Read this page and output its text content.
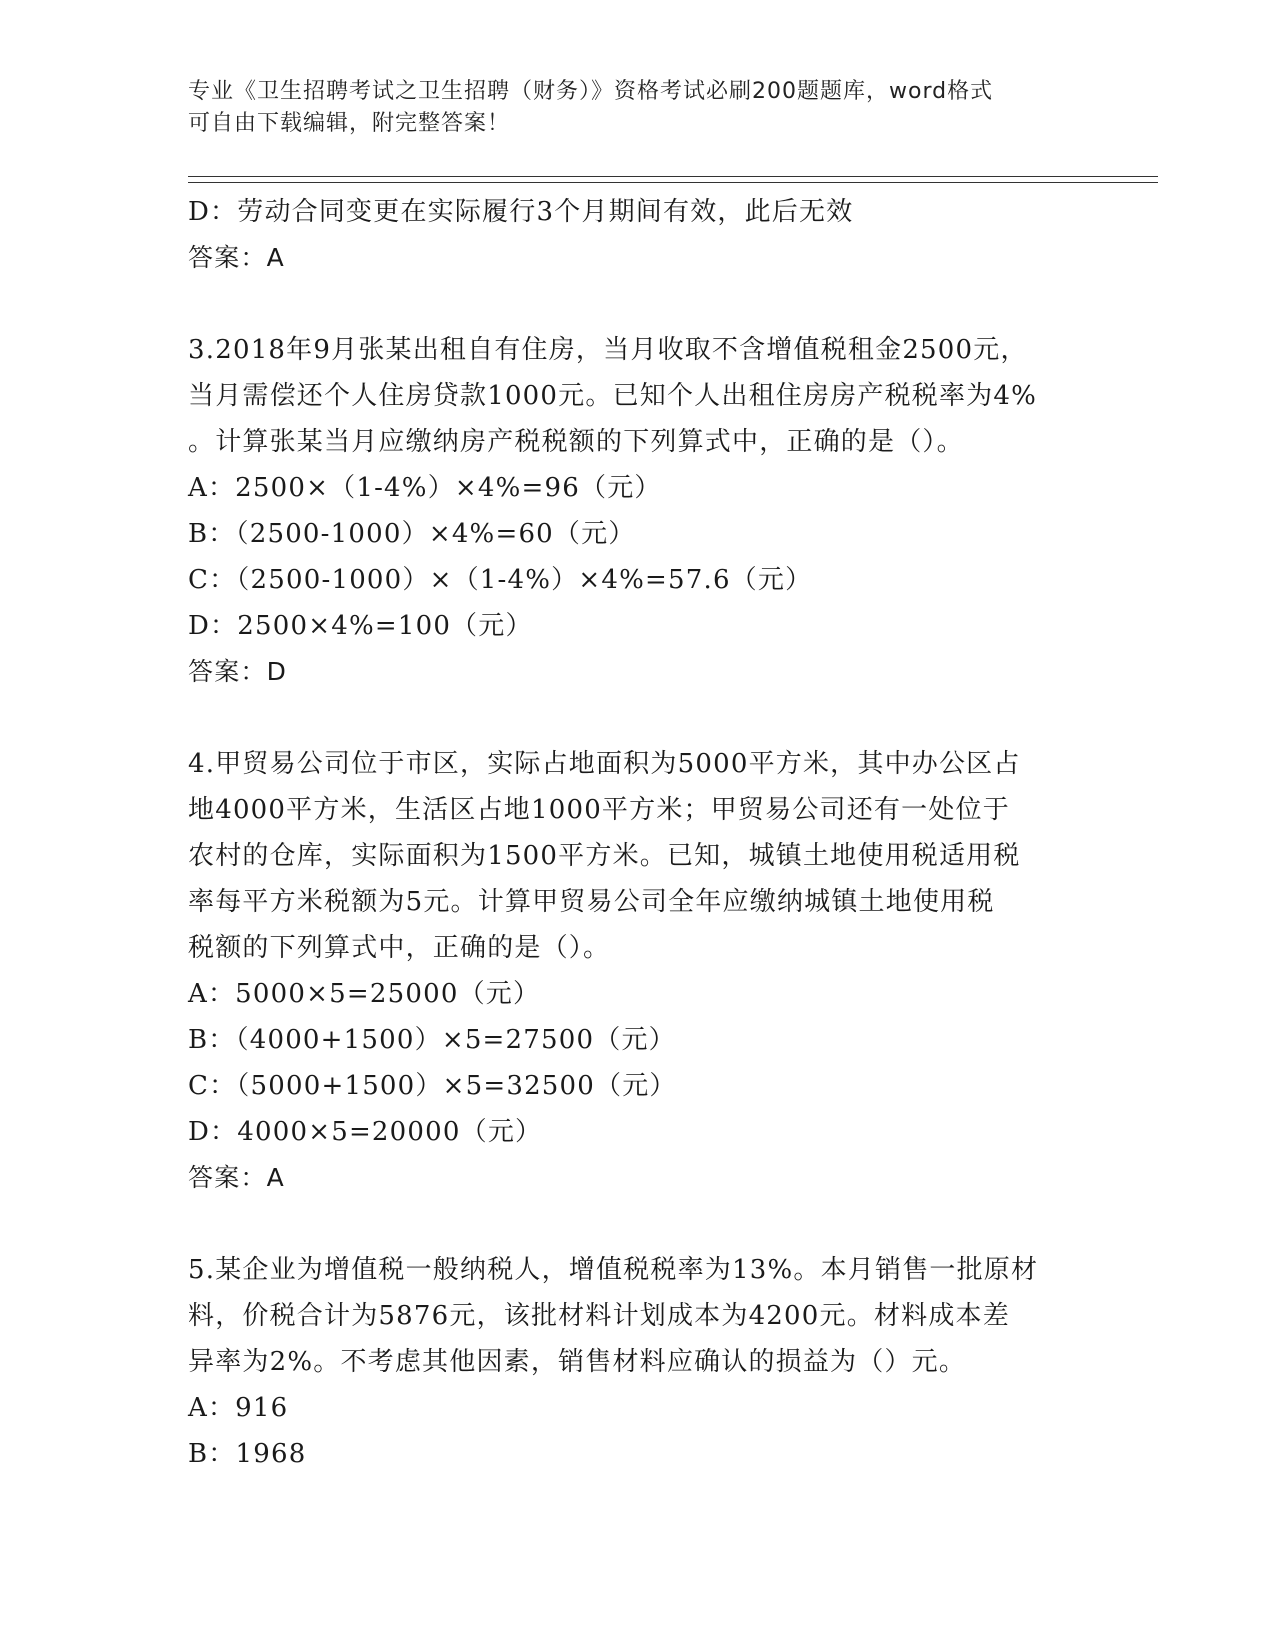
专业《卫生招聘考试之卫生招聘（财务）》资格考试必刷200题题库，word格式
可自由下载编辑，附完整答案！
D：劳动合同变更在实际履行3个月期间有效，此后无效
答案：A
3.2018年9月张某出租自有住房，当月收取不含增值税租金2500元，
当月需偿还个人住房贷款1000元。已知个人出租住房房产税税率为4%
。计算张某当月应缴纳房产税税额的下列算式中，正确的是（）。
A：2500×（1-4%）×4%=96（元）
B：（2500-1000）×4%=60（元）
C：（2500-1000）×（1-4%）×4%=57.6（元）
D：2500×4%=100（元）
答案：D
4.甲贸易公司位于市区，实际占地面积为5000平方米，其中办公区占
地4000平方米，生活区占地1000平方米；甲贸易公司还有一处位于
农村的仓库，实际面积为1500平方米。已知，城镇土地使用税适用税
率每平方米税额为5元。计算甲贸易公司全年应缴纳城镇土地使用税
税额的下列算式中，正确的是（）。
A：5000×5=25000（元）
B：（4000+1500）×5=27500（元）
C：（5000+1500）×5=32500（元）
D：4000×5=20000（元）
答案：A
5.某企业为增值税一般纳税人，增值税税率为13%。本月销售一批原材
料，价税合计为5876元，该批材料计划成本为4200元。材料成本差
异率为2%。不考虑其他因素，销售材料应确认的损益为（）元。
A：916
B：1968
